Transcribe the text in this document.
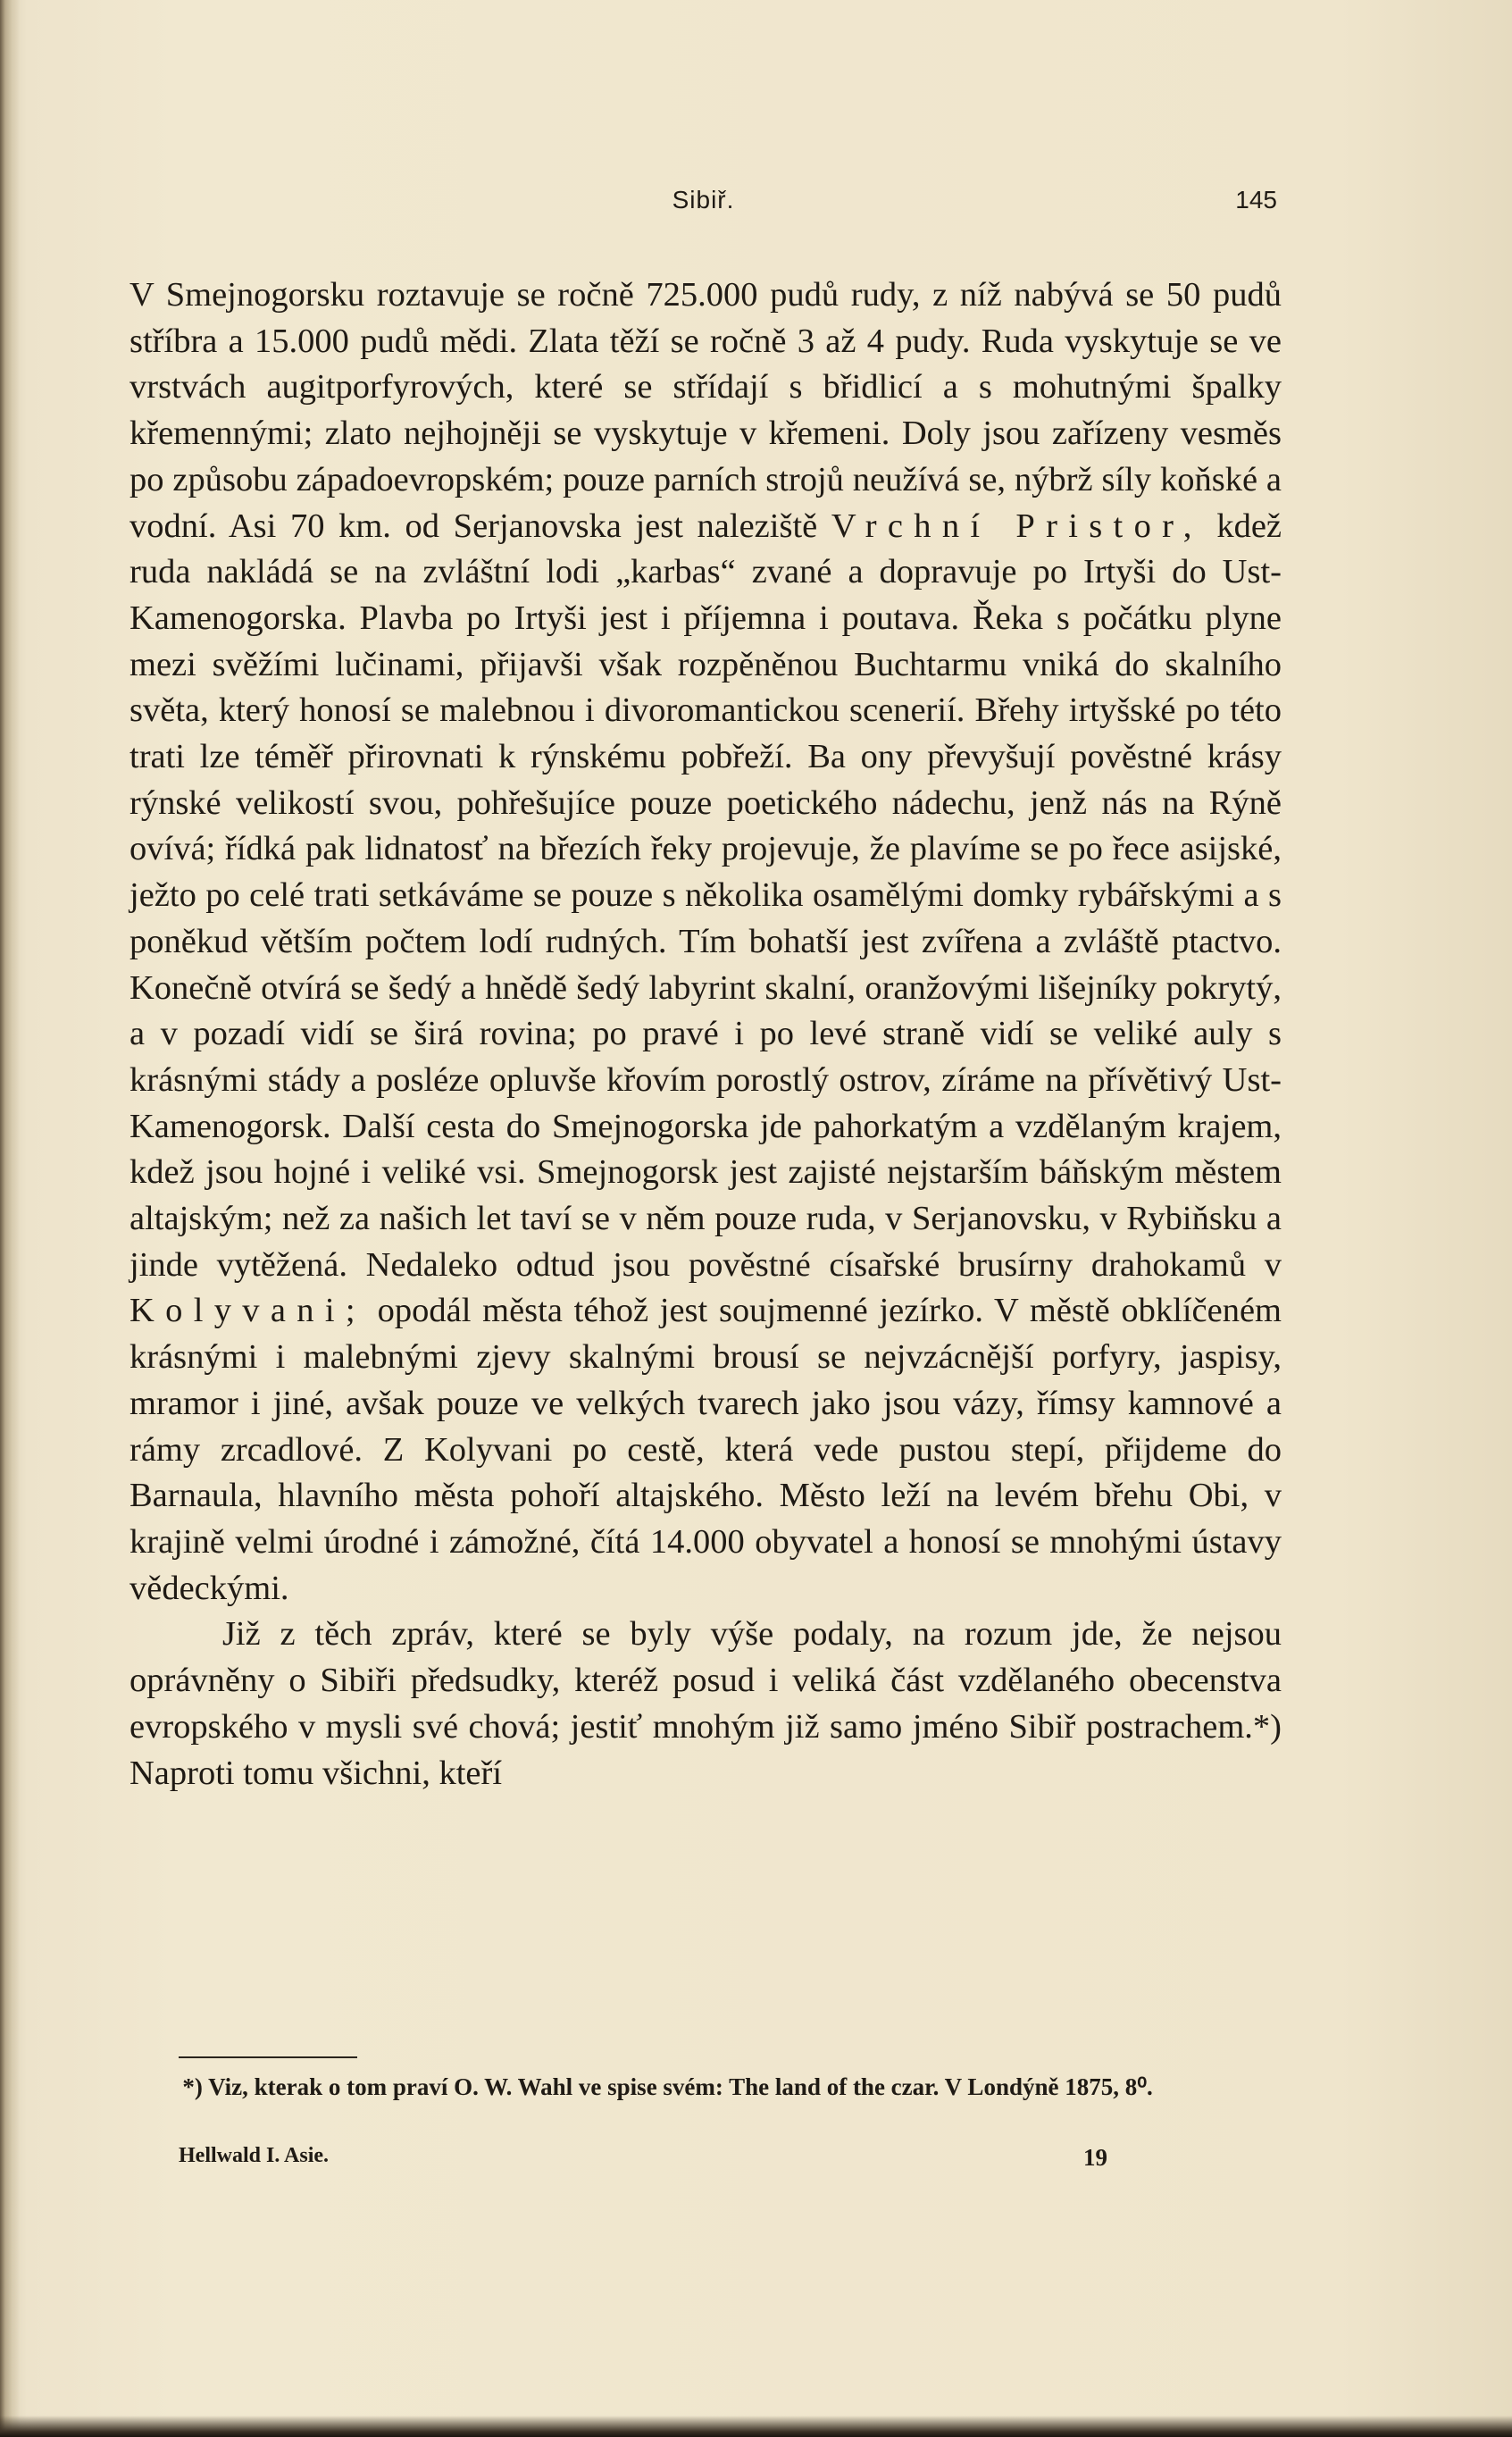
Sibiř.	145

V Smejnogorsku roztavuje se ročně 725.000 pudů rudy, z níž nabývá se 50 pudů stříbra a 15.000 pudů mědi. Zlata těží se ročně 3 až 4 pudy. Ruda vyskytuje se ve vrstvách augitporfyrových, které se střídají s břidlicí a s mohutnými špalky křemennými; zlato nejhojněji se vyskytuje v křemeni. Doly jsou zařízeny vesměs po způsobu západoevropském; pouze parních strojů neužívá se, nýbrž síly koňské a vodní. Asi 70 km. od Serjanovska jest naleziště Vrchní Pristor, kdež ruda nakládá se na zvláštní lodi „karbas“ zvané a dopravuje po Irtyši do Ust-Kamenogorska. Plavba po Irtyši jest i příjemna i poutava. Řeka s počátku plyne mezi svěžími lučinami, přijavši však rozpěněnou Buchtarmu vniká do skalního světa, který honosí se malebnou i divoromantickou scenerií. Břehy irtyšské po této trati lze téměř přirovnati k rýnskému pobřeží. Ba ony převyšují pověstné krásy rýnské velikostí svou, pohřešujíce pouze poetického nádechu, jenž nás na Rýně ovívá; řídká pak lidnatosť na březích řeky projevuje, že plavíme se po řece asijské, ježto po celé trati setkáváme se pouze s několika osamělými domky rybářskými a s poněkud větším počtem lodí rudných. Tím bohatší jest zvířena a zvláště ptactvo. Konečně otvírá se šedý a hnědě šedý labyrint skalní, oranžovými lišejníky pokrytý, a v pozadí vidí se širá rovina; po pravé i po levé straně vidí se veliké auly s krásnými stády a posléze opluvše křovím porostlý ostrov, zíráme na přívětivý Ust-Kamenogorsk. Další cesta do Smejnogorska jde pahorkatým a vzdělaným krajem, kdež jsou hojné i veliké vsi. Smejnogorsk jest zajisté nejstarším báňským městem altajským; než za našich let taví se v něm pouze ruda, v Serjanovsku, v Rybiňsku a jinde vytěžená. Nedaleko odtud jsou pověstné císařské brusírny drahokamů v Kolyvani; opodál města téhož jest soujmenné jezírko. V městě obklíčeném krásnými i malebnými zjevy skalnými brousí se nejvzácnější porfyry, jaspisy, mramor i jiné, avšak pouze ve velkých tvarech jako jsou vázy, římsy kamnové a rámy zrcadlové. Z Kolyvani po cestě, která vede pustou stepí, přijdeme do Barnaula, hlavního města pohoří altajského. Město leží na levém břehu Obi, v krajině velmi úrodné i zámožné, čítá 14.000 obyvatel a honosí se mnohými ústavy vědeckými.

Již z těch zpráv, které se byly výše podaly, na rozum jde, že nejsou oprávněny o Sibiři předsudky, kteréž posud i veliká část vzdělaného obecenstva evropského v mysli své chová; jestiť mnohým již samo jméno Sibiř postrachem.*) Naproti tomu všichni, kteří

*) Viz, kterak o tom praví O. W. Wahl ve spise svém: The land of the czar. V Londýně 1875, 8⁰.
Hellwald I. Asie.	19
